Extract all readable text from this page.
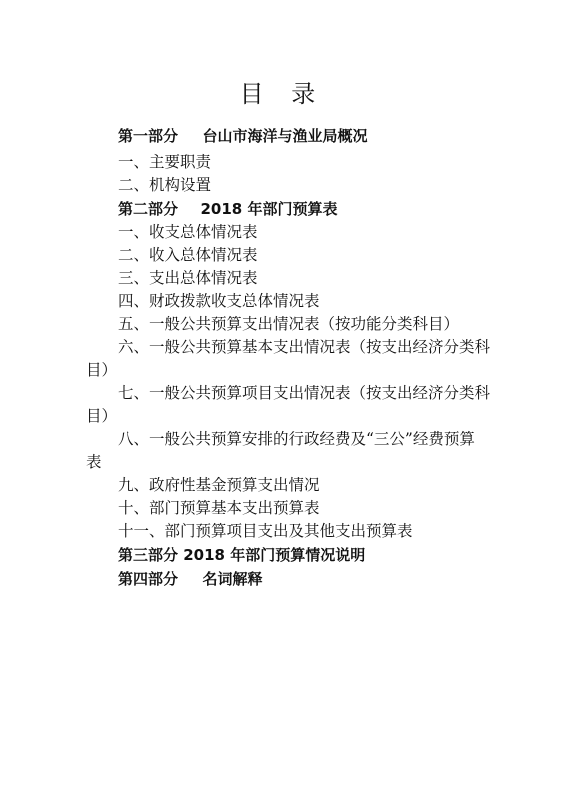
目 录
第一部分 台山市海洋与渔业局概况
一、主要职责
二、机构设置
第二部分 2018 年部门预算表
一、收支总体情况表
二、收入总体情况表
三、支出总体情况表
四、财政拨款收支总体情况表
五、一般公共预算支出情况表（按功能分类科目）
六、一般公共预算基本支出情况表（按支出经济分类科
目）
七、一般公共预算项目支出情况表（按支出经济分类科
目）
八、一般公共预算安排的行政经费及“三公”经费预算
表
九、政府性基金预算支出情况
十、部门预算基本支出预算表
十一、部门预算项目支出及其他支出预算表
第三部分 2018 年部门预算情况说明
第四部分 名词解释
